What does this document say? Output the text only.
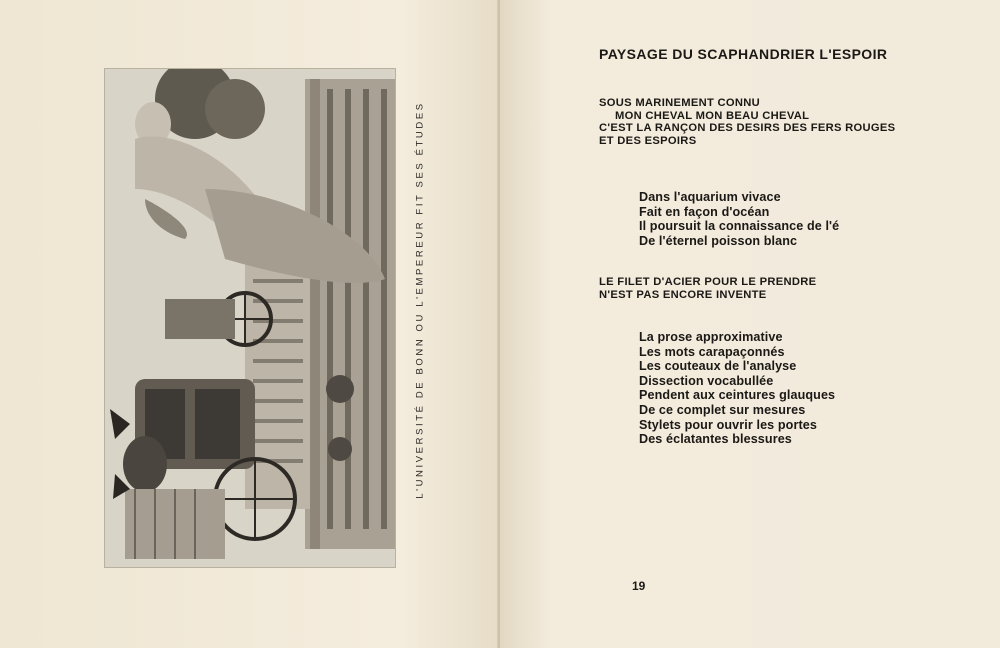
L'UNIVERSITÉ DE BONN OU L'EMPEREUR FIT SES ÉTUDES
PAYSAGE DU SCAPHANDRIER L'ESPOIR
SOUS MARINEMENT CONNU
MON CHEVAL MON BEAU CHEVAL
C'EST LA RANÇON DES DESIRS DES FERS ROUGES
ET DES ESPOIRS
Dans l'aquarium vivace
Fait en façon d'océan
Il poursuit la connaissance de l'é
De l'éternel poisson blanc
LE FILET D'ACIER POUR LE PRENDRE
N'EST PAS ENCORE INVENTE
La prose approximative
Les mots carapaçonnés
Les couteaux de l'analyse
Dissection vocabullée
Pendent aux ceintures glauques
De ce complet sur mesures
Stylets pour ouvrir les portes
Des éclatantes blessures
19
